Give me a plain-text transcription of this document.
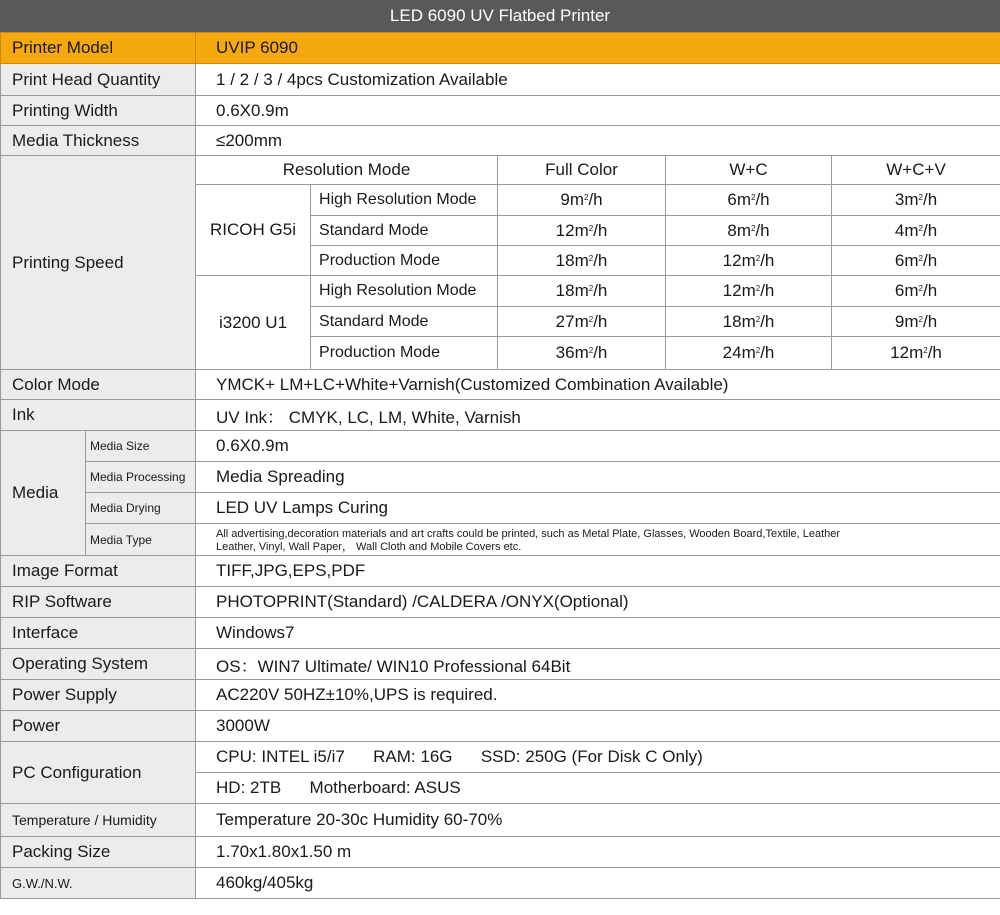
LED 6090 UV Flatbed Printer
Printer Model		UVIP 6090				
Print Head Quantity		1 / 2 / 3 / 4pcs Customization Available				
Printing Width		0.6X0.9m				
Media Thickness		≤200mm				
Printing Speed		Resolution Mode		Full Color	W+C	W+C+V
		RICOH G5i	High Resolution Mode	$9m^2/h$	$6m^2/h$	$3m^2/h$
			Standard Mode	$12m^2/h$	$8m^2/h$	$4m^2/h$
			Production Mode	$18m^2/h$	$12m^2/h$	$6m^2/h$
		i3200 U1	High Resolution Mode	$18m^2/h$	$12m^2/h$	$6m^2/h$
			Standard Mode	$27m^2/h$	$18m^2/h$	$9m^2/h$
			Production Mode	$36m^2/h$	$24m^2/h$	$12m^2/h$
Color Mode		YMCK+ LM+LC+White+Varnish(Customized Combination Available)				
Ink		UV Ink： CMYK, LC, LM, White, Varnish				
Media	Media Size	0.6X0.9m				
	Media Processing	Media Spreading				
	Media Drying	LED UV Lamps Curing				
	Media Type	All advertising,decoration materials and art crafts could be printed, such as Metal Plate, Glasses, Wooden Board,Textile, Leather
Leather, Vinyl, Wall Paper， Wall Cloth and Mobile Covers etc.				

Image Format		TIFF,JPG,EPS,PDF				
RIP Software		PHOTOPRINT(Standard) /CALDERA /ONYX(Optional)				
Interface		Windows7				
Operating System		OS：WIN7 Ultimate/ WIN10 Professional 64Bit				
Power Supply		AC220V 50HZ±10%,UPS is required.				
Power		3000W				
PC Configuration		CPU: INTEL i5/i7      RAM: 16G      SSD: 250G (For Disk C Only)				
		HD: 2TB      Motherboard: ASUS				
Temperature / Humidity		Temperature 20-30c Humidity 60-70%				
Packing Size		1.70x1.80x1.50 m				
G.W./N.W.		460kg/405kg				
